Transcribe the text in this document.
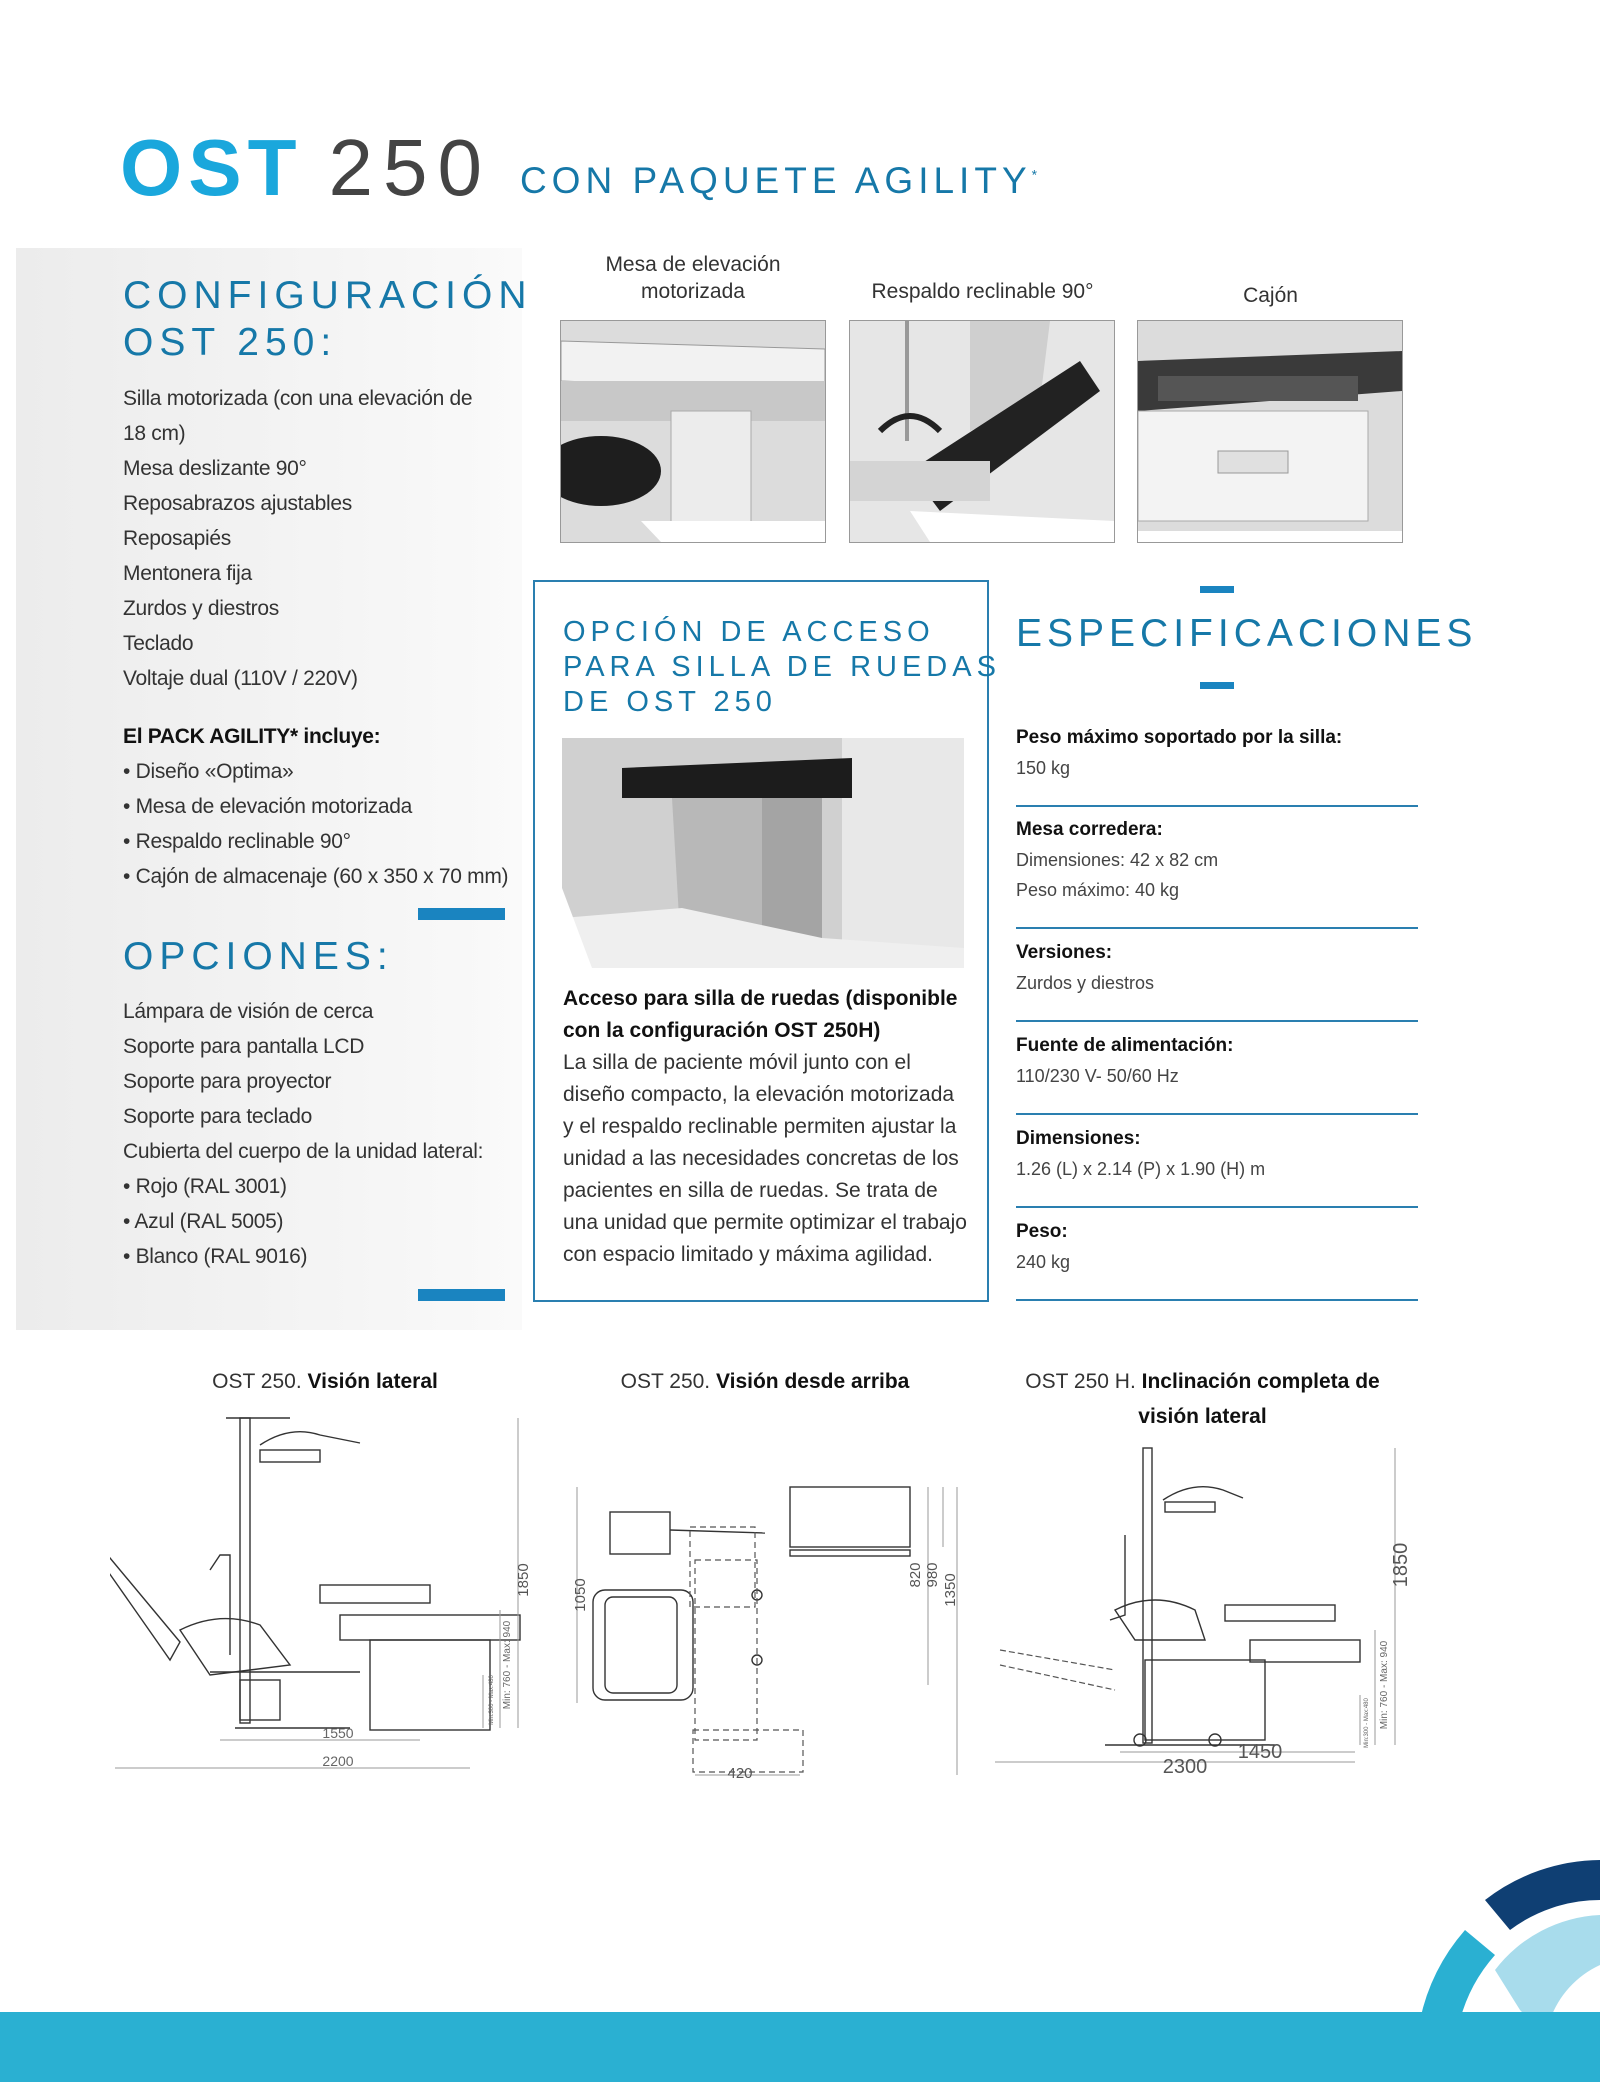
OST 250 CON PAQUETE AGILITY*
CONFIGURACIÓN
OST 250:
Silla motorizada (con una elevación de
18 cm)
Mesa deslizante 90°
Reposabrazos ajustables
Reposapiés
Mentonera fija
Zurdos y diestros
Teclado
Voltaje dual (110V / 220V)
El PACK AGILITY* incluye:
• Diseño «Optima»
• Mesa de elevación motorizada
• Respaldo reclinable 90°
• Cajón de almacenaje (60 x 350 x 70 mm)
OPCIONES:
Lámpara de visión de cerca
Soporte para pantalla LCD
Soporte para proyector
Soporte para teclado
Cubierta del cuerpo de la unidad lateral:
• Rojo (RAL 3001)
• Azul (RAL 5005)
• Blanco (RAL 9016)
Mesa de elevación
motorizada	Respaldo reclinable 90°	Cajón
OPCIÓN DE ACCESO
PARA SILLA DE RUEDAS
DE OST 250
Acceso para silla de ruedas (disponible
con la configuración OST 250H)
La silla de paciente móvil junto con el
diseño compacto, la elevación motorizada
y el respaldo reclinable permiten ajustar la
unidad a las necesidades concretas de los
pacientes en silla de ruedas. Se trata de
una unidad que permite optimizar el trabajo
con espacio limitado y máxima agilidad.
ESPECIFICACIONES
Peso máximo soportado por la silla:
150 kg
Mesa corredera:
Dimensiones: 42 x 82 cm
Peso máximo: 40 kg
Versiones:
Zurdos y diestros
Fuente de alimentación:
110/230 V- 50/60 Hz
Dimensiones:
1.26 (L) x 2.14 (P) x 1.90 (H) m
Peso:
240 kg
OST 250. Visión lateral	OST 250. Visión desde arriba	OST 250 H. Inclinación completa de
visión lateral
1550
2200
1850
Min: 760 - Max: 940
Min:300 - Max:480
1050
820 980 1350
420	2300
1450
1850
Min: 760 - Max: 940
Min:300 - Max:480
